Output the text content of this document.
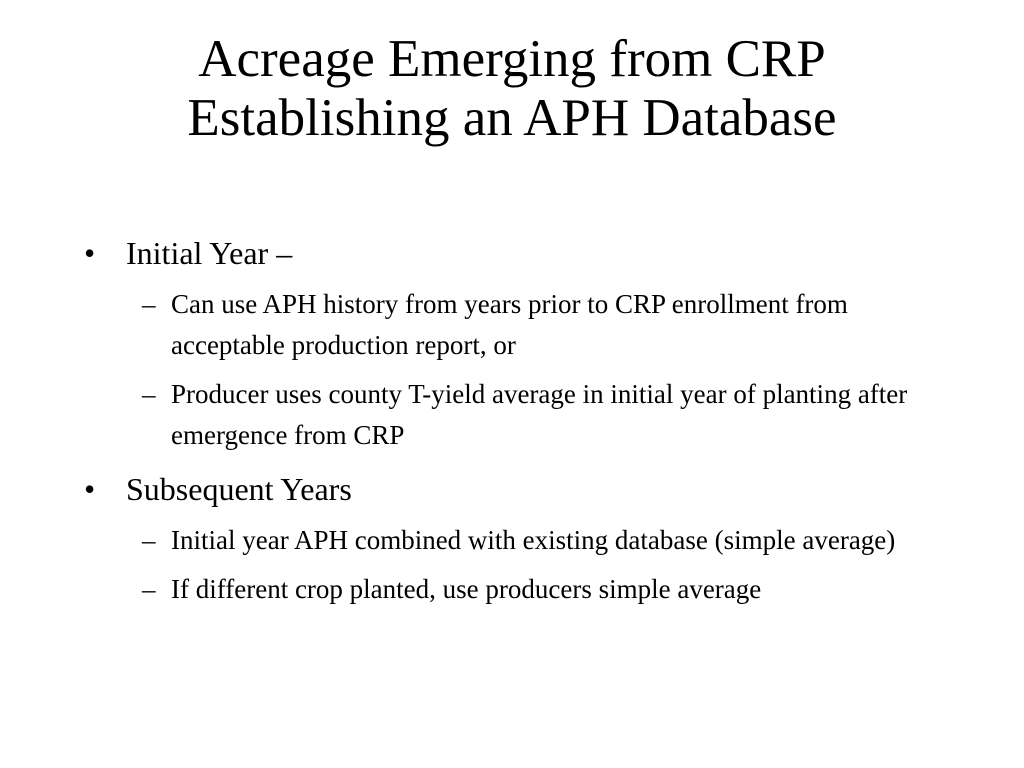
Acreage Emerging from CRP
Establishing an APH Database
• Initial Year –
– Can use APH history from years prior to CRP enrollment from acceptable production report, or
– Producer uses county T-yield average in initial year of planting after emergence from CRP
• Subsequent Years
– Initial year APH combined with existing database (simple average)
– If different crop planted, use producers simple average
